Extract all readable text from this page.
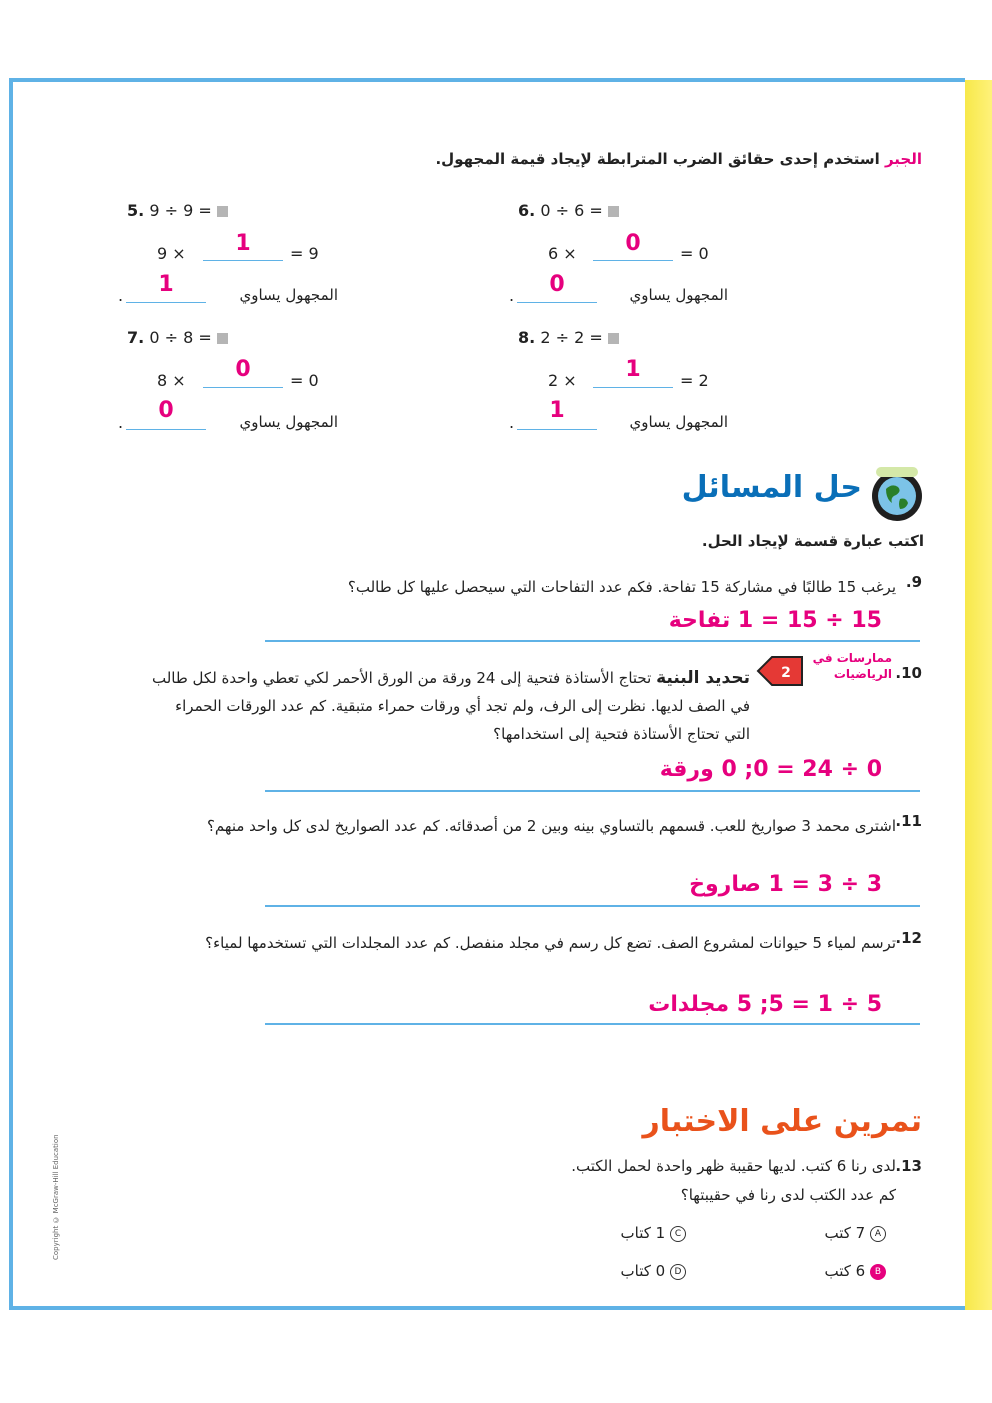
Copyright © McGraw-Hill Education
الجبر استخدم إحدى حقائق الضرب المترابطة لإيجاد قيمة المجهول.
5. 9 ÷ 9 =
9 ×	1	= 9
.	1	المجهول يساوي
6. 0 ÷ 6 =
6 ×	0	= 0
.	0	المجهول يساوي
7. 0 ÷ 8 =
8 ×	0	= 0
.	0	المجهول يساوي
8. 2 ÷ 2 =
2 ×	1	= 2
.	1	المجهول يساوي
حل المسائل
اكتب عبارة قسمة لإيجاد الحل.
يرغب 15 طالبًا في مشاركة 15 تفاحة. فكم عدد التفاحات التي سيحصل عليها كل طالب؟ 9.
15 ÷ 15 = 1 تفاحة
10.
ممارسات في الرياضيات
2
تحديد البنية تحتاج الأستاذة فتحية إلى 24 ورقة من الورق الأحمر لكي تعطي واحدة لكل طالب في الصف لديها. نظرت إلى الرف، ولم تجد أي ورقات حمراء متبقية. كم عدد الورقات الحمراء التي تحتاج الأستاذة فتحية إلى استخدامها؟
0 ÷ 24 = 0; 0 ورقة
11.
اشترى محمد 3 صواريخ للعب. قسمهم بالتساوي بينه وبين 2 من أصدقائه. كم عدد الصواريخ لدى كل واحد منهم؟
3 ÷ 3 = 1 صاروخ
12.
ترسم لمياء 5 حيوانات لمشروع الصف. تضع كل رسم في مجلد منفصل. كم عدد المجلدات التي تستخدمها لمياء؟
5 ÷ 1 = 5; 5 مجلدات
تمرين على الاختبار
13.
لدى رنا 6 كتب. لديها حقيبة ظهر واحدة لحمل الكتب.
كم عدد الكتب لدى رنا في حقيبتها؟
A 7 كتب
C 1 كتاب
B 6 كتب
D 0 كتاب
